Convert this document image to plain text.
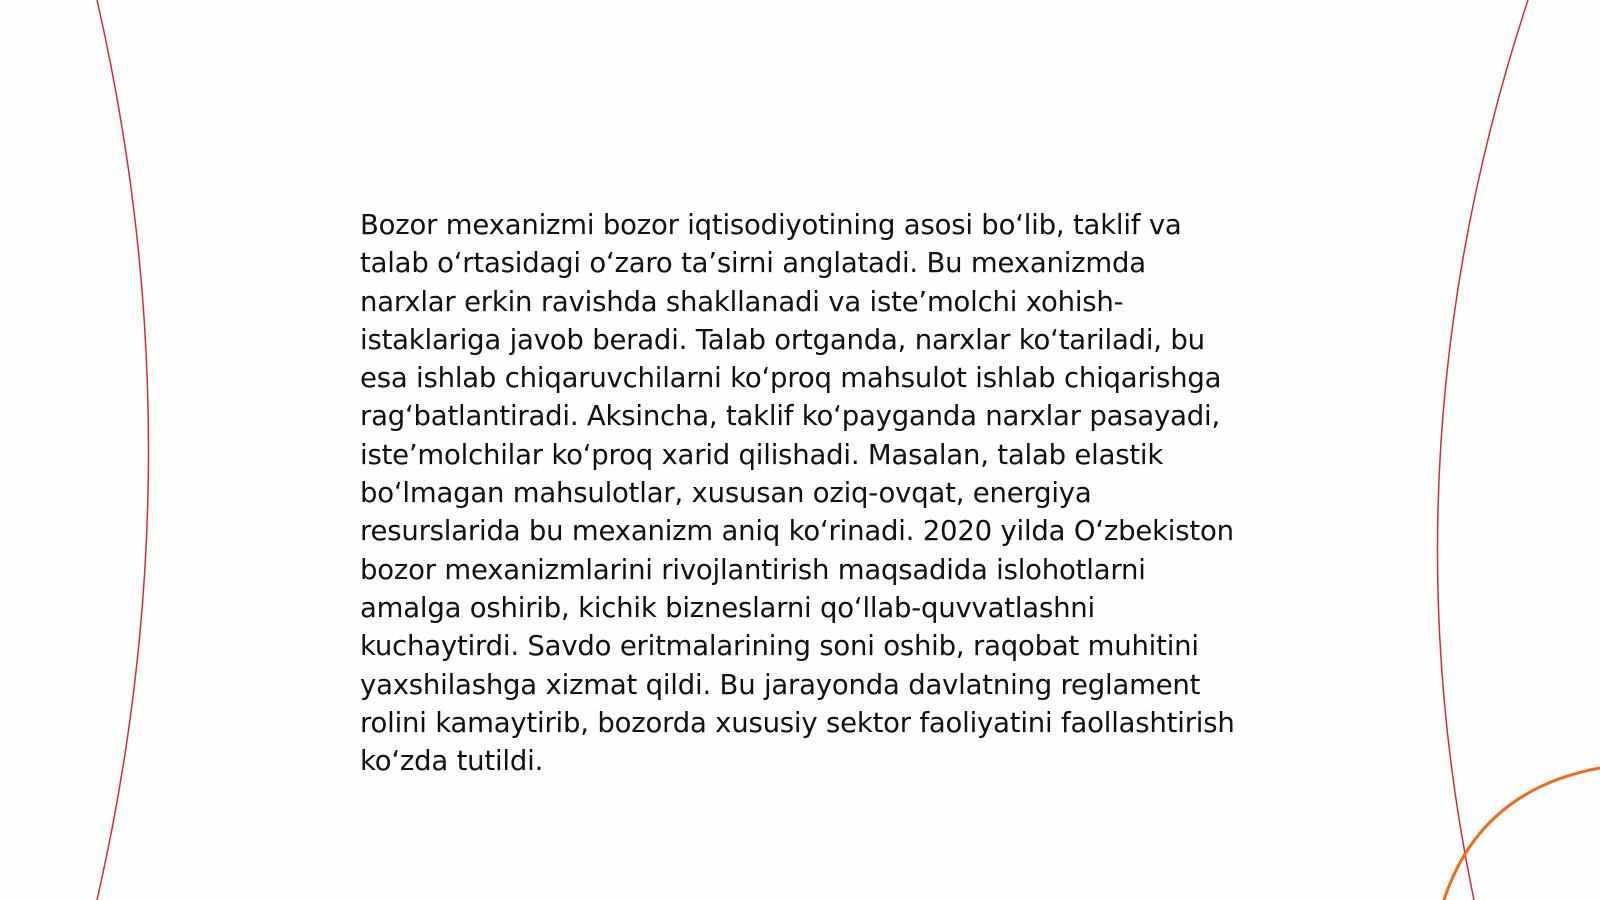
Bozor mexanizmi bozor iqtisodiyotining asosi bo‘lib, taklif va talab o‘rtasidagi o‘zaro ta’sirni anglatadi. Bu mexanizmda narxlar erkin ravishda shakllanadi va iste’molchi xohish-istaklariga javob beradi. Talab ortganda, narxlar ko‘tariladi, bu esa ishlab chiqaruvchilarni ko‘proq mahsulot ishlab chiqarishga rag‘batlantiradi. Aksincha, taklif ko‘payganda narxlar pasayadi, iste’molchilar ko‘proq xarid qilishadi. Masalan, talab elastik bo‘lmagan mahsulotlar, xususan oziq-ovqat, energiya resurslarida bu mexanizm aniq ko‘rinadi. 2020 yilda O‘zbekiston bozor mexanizmlarini rivojlantirish maqsadida islohotlarni amalga oshirib, kichik bizneslarni qo‘llab-quvvatlashni kuchaytirdi. Savdo eritmalarining soni oshib, raqobat muhitini yaxshilashga xizmat qildi. Bu jarayonda davlatning reglament rolini kamaytirib, bozorda xususiy sektor faoliyatini faollashtirish ko‘zda tutildi.
